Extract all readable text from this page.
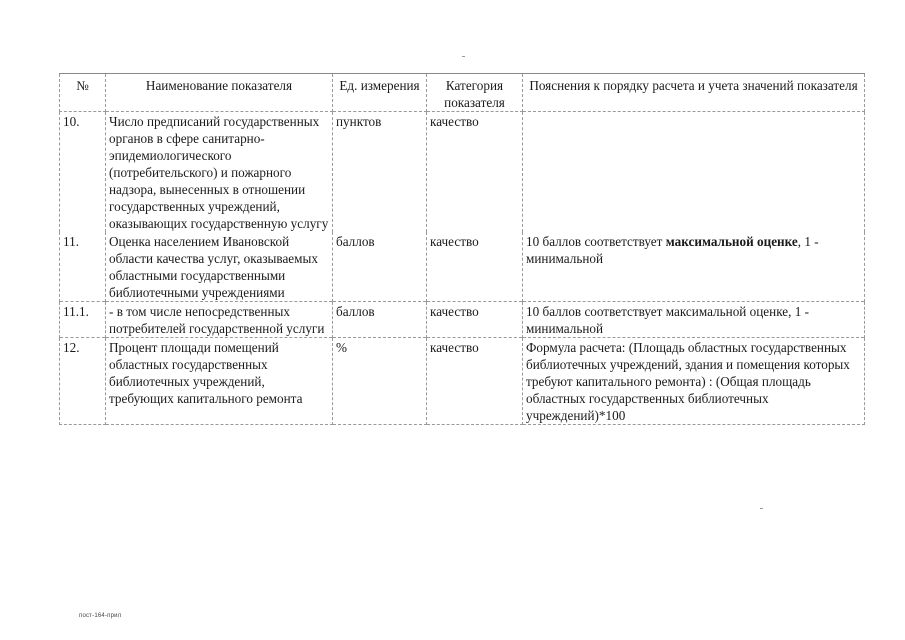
№	Наименование показателя	Ед. измерения	Категория показателя	Пояснения к порядку расчета и учета значений показателя
10.	Число предписаний государственных органов в сфере санитарно-эпидемиологического (потребительского) и пожарного надзора, вынесенных в отношении государственных учреждений, оказывающих государственную услугу	пунктов	качество	
11.	Оценка населением Ивановской области качества услуг, оказываемых областными государственными библиотечными учреждениями	баллов	качество	10 баллов соответствует максимальной оценке, 1 - минимальной
11.1.	- в том числе непосредственных потребителей государственной услуги	баллов	качество	10 баллов соответствует максимальной оценке, 1 - минимальной
12.	Процент площади помещений областных государственных библиотечных учреждений, требующих капитального ремонта	%	качество	Формула расчета: (Площадь областных государственных библиотечных учреждений, здания и помещения которых требуют капитального ремонта) : (Общая площадь областных государственных библиотечных учреждений)*100
пост-164-прил
